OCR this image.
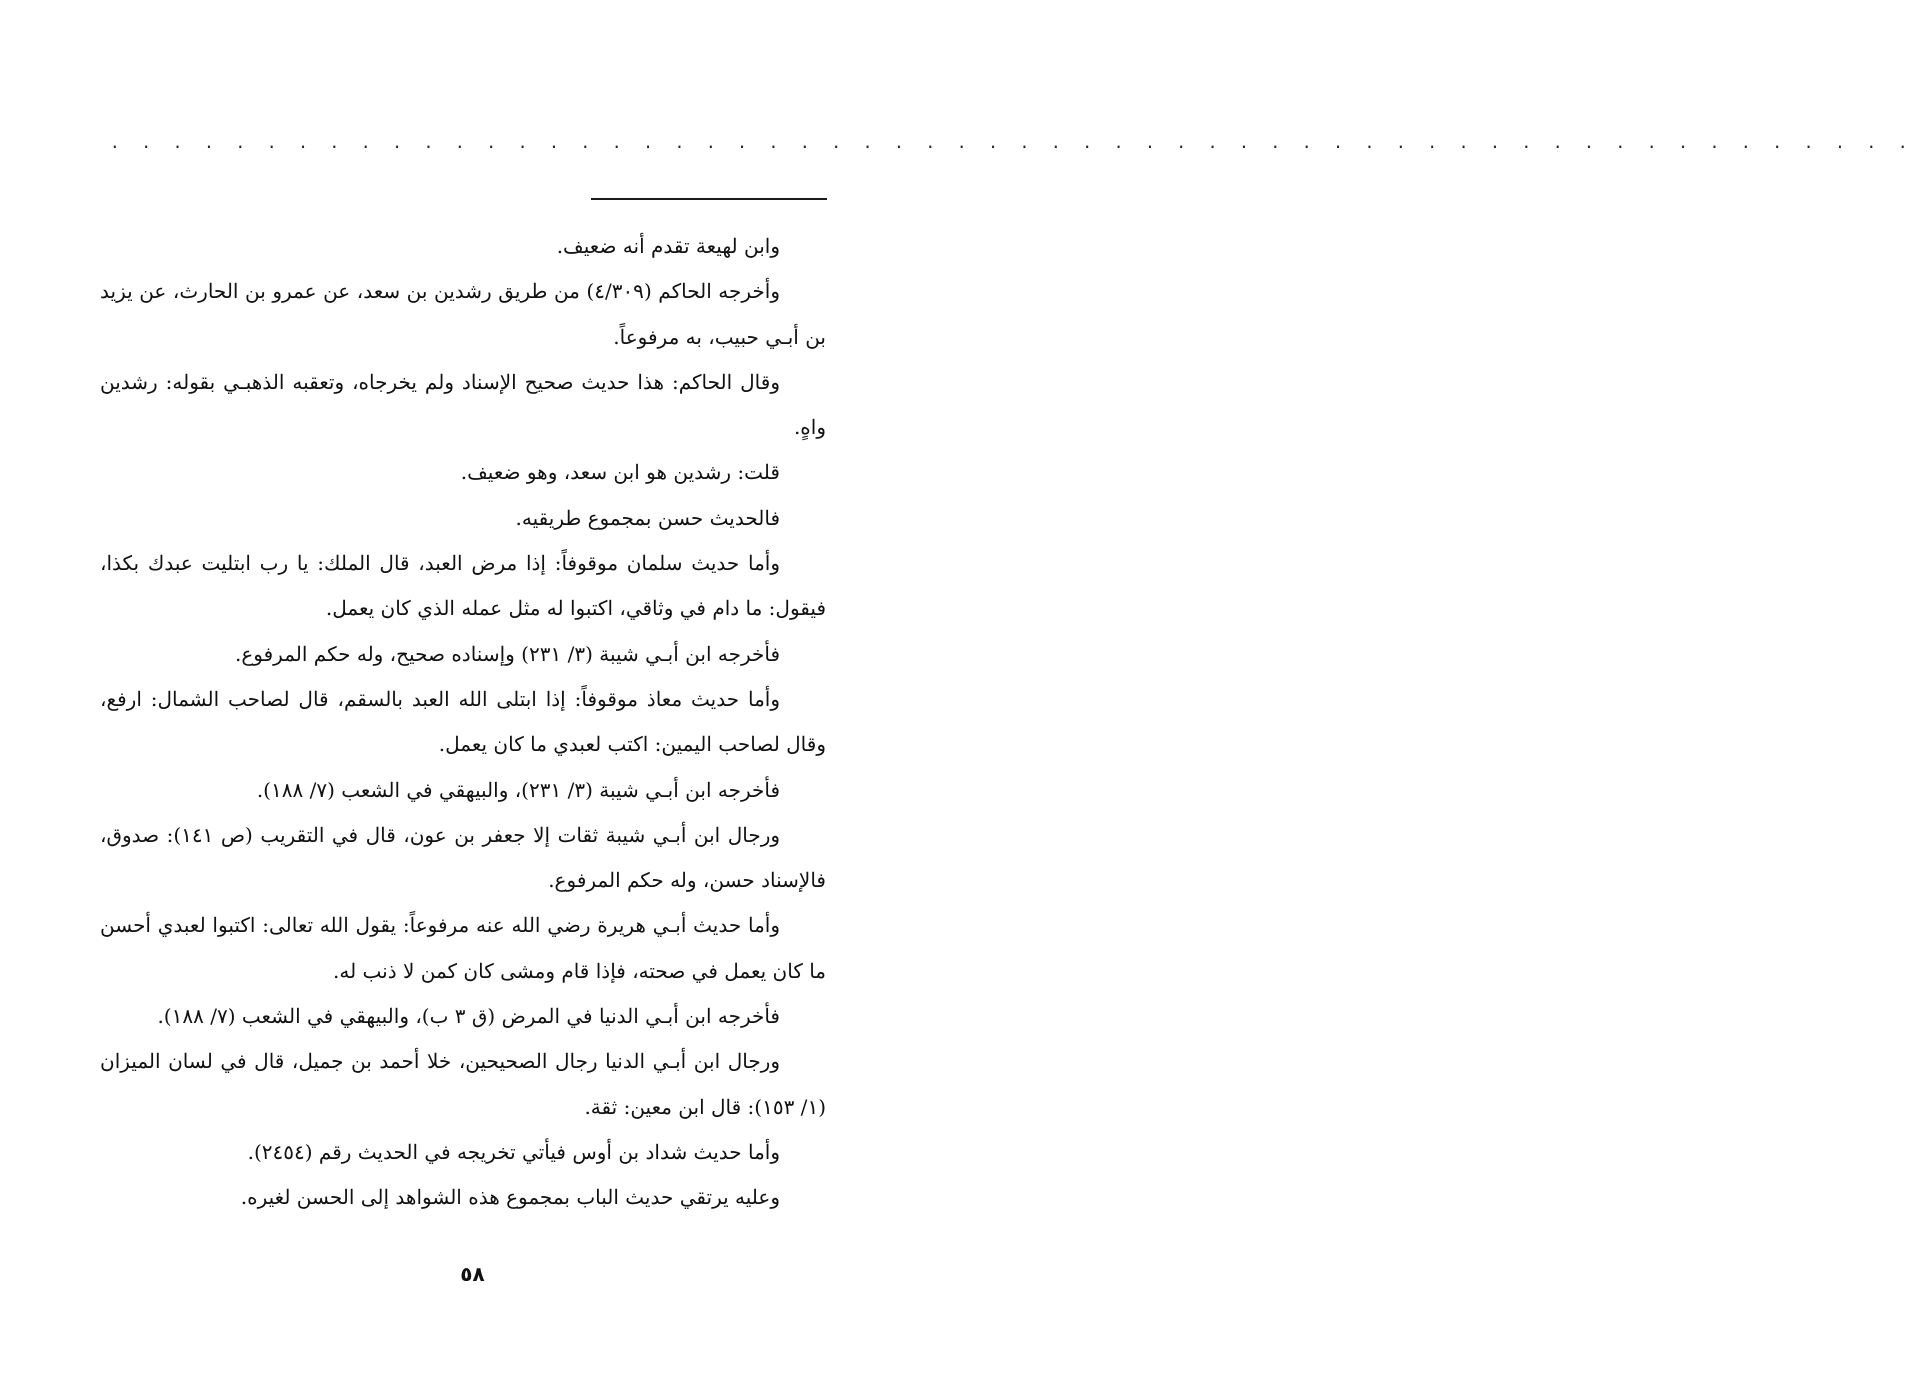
. . . . . . . . . . . . . . . . . . . . . . . . . . . . . . . . . . . . . . . . . . . . . . . . . . . . . . . . . .

وابن لهيعة تقدم أنه ضعيف.

وأخرجه الحاكم (٤/٣٠٩) من طريق رشدين بن سعد، عن عمرو بن الحارث، عن يزيد بن أبـي حبيب، به مرفوعاً.

وقال الحاكم: هذا حديث صحيح الإسناد ولم يخرجاه، وتعقبه الذهبـي بقوله: رشدين واهٍ.

قلت: رشدين هو ابن سعد، وهو ضعيف.

فالحديث حسن بمجموع طريقيه.

وأما حديث سلمان موقوفاً: إذا مرض العبد، قال الملك: يا رب ابتليت عبدك بكذا، فيقول: ما دام في وثاقي، اكتبوا له مثل عمله الذي كان يعمل.

فأخرجه ابن أبـي شيبة (٣/ ٢٣١) وإسناده صحيح، وله حكم المرفوع.

وأما حديث معاذ موقوفاً: إذا ابتلى الله العبد بالسقم، قال لصاحب الشمال: ارفع، وقال لصاحب اليمين: اكتب لعبدي ما كان يعمل.

فأخرجه ابن أبـي شيبة (٣/ ٢٣١)، والبيهقي في الشعب (٧/ ١٨٨).

ورجال ابن أبـي شيبة ثقات إلا جعفر بن عون، قال في التقريب (ص ١٤١): صدوق، فالإسناد حسن، وله حكم المرفوع.

وأما حديث أبـي هريرة رضي الله عنه مرفوعاً: يقول الله تعالى: اكتبوا لعبدي أحسن ما كان يعمل في صحته، فإذا قام ومشى كان كمن لا ذنب له.

فأخرجه ابن أبـي الدنيا في المرض (ق ٣ ب)، والبيهقي في الشعب (٧/ ١٨٨).

ورجال ابن أبـي الدنيا رجال الصحيحين، خلا أحمد بن جميل، قال في لسان الميزان (١/ ١٥٣): قال ابن معين: ثقة.

وأما حديث شداد بن أوس فيأتي تخريجه في الحديث رقم (٢٤٥٤).

وعليه يرتقي حديث الباب بمجموع هذه الشواهد إلى الحسن لغيره.

٥٨
